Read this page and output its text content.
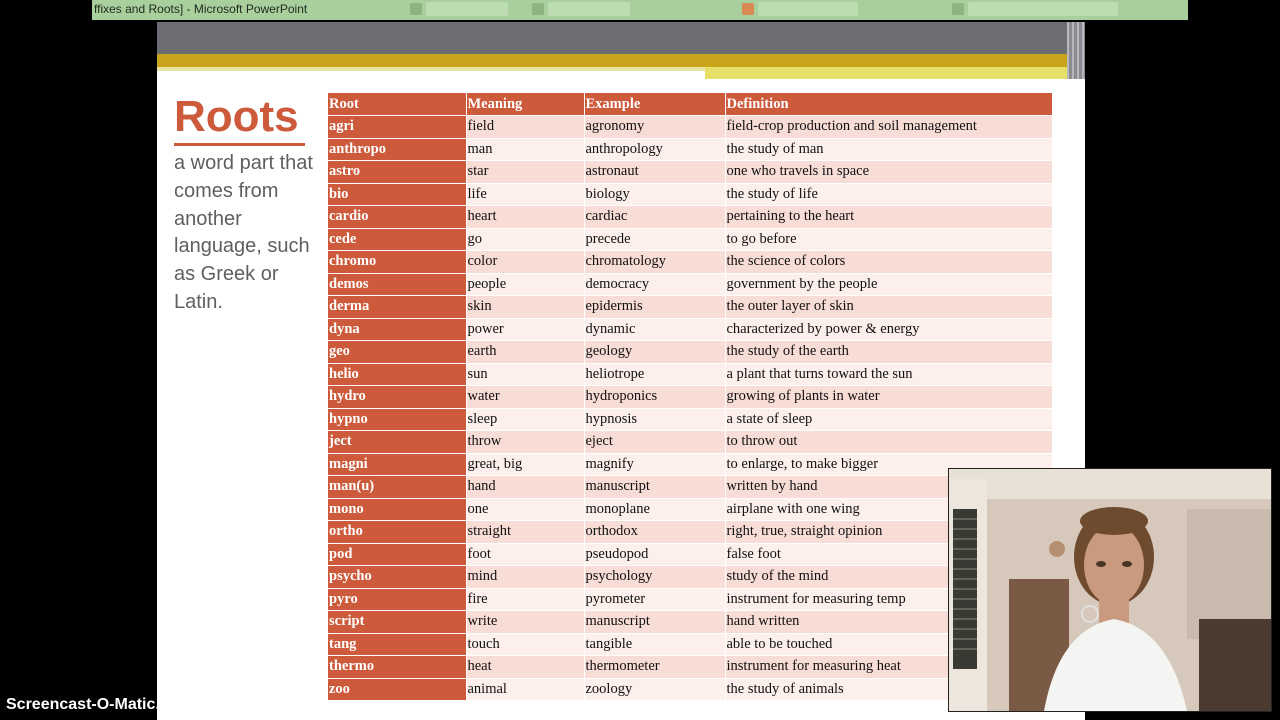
ffixes and Roots] - Microsoft PowerPoint
Roots
a word part that comes from another language, such as Greek or Latin.
Root	Meaning	Example	Definition
agri	field	agronomy	field-crop production and soil management
anthropo	man	anthropology	the study of man
astro	star	astronaut	one who travels in space
bio	life	biology	the study of life
cardio	heart	cardiac	pertaining to the heart
cede	go	precede	to go before
chromo	color	chromatology	the science of colors
demos	people	democracy	government by the people
derma	skin	epidermis	the outer layer of skin
dyna	power	dynamic	characterized by power & energy
geo	earth	geology	the study of the earth
helio	sun	heliotrope	a plant that turns toward the sun
hydro	water	hydroponics	growing of plants in water
hypno	sleep	hypnosis	a state of sleep
ject	throw	eject	to throw out
magni	great, big	magnify	to enlarge, to make bigger
man(u)	hand	manuscript	written by hand
mono	one	monoplane	airplane with one wing
ortho	straight	orthodox	right, true, straight opinion
pod	foot	pseudopod	false foot
psycho	mind	psychology	study of the mind
pyro	fire	pyrometer	instrument for measuring temp
script	write	manuscript	hand written
tang	touch	tangible	able to be touched
thermo	heat	thermometer	instrument for measuring heat
zoo	animal	zoology	the study of animals
Screencast-O-Matic.com
